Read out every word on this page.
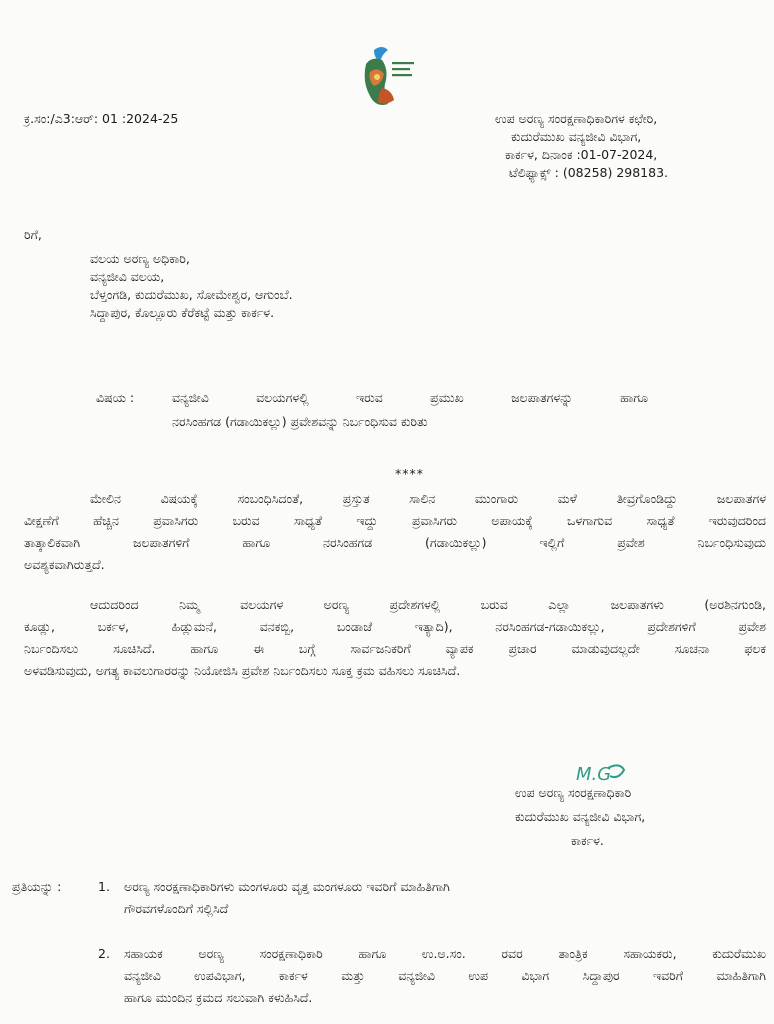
ಕ್ರ.ಸಂ:/ಎ3:ಆರ್: 01 :2024-25	ಉಪ ಅರಣ್ಯ ಸಂರಕ್ಷಣಾಧಿಕಾರಿಗಳ ಕಛೇರಿ,
ಕುದುರೆಮುಖ ವನ್ಯಜೀವಿ ವಿಭಾಗ,
ಕಾರ್ಕಳ, ದಿನಾಂಕ :01-07-2024,
ಟೆಲಿಫ್ಯಾಕ್ಸ್ : (08258) 298183.
ರಿಗೆ,
ವಲಯ ಅರಣ್ಯ ಅಧಿಕಾರಿ,
ವನ್ಯಜೀವಿ ವಲಯ,
ಬೆಳ್ತಂಗಡಿ, ಕುದುರೆಮುಖ, ಸೋಮೇಶ್ವರ, ಆಗುಂಬೆ.
ಸಿದ್ದಾಪುರ, ಕೊಲ್ಲೂರು ಕೆರೆಕಟ್ಟೆ ಮತ್ತು ಕಾರ್ಕಳ.
ವಿಷಯ :	ವನ್ಯಜೀವಿ ವಲಯಗಳಲ್ಲಿ ಇರುವ ಪ್ರಮುಖ ಜಲಪಾತಗಳನ್ನು ಹಾಗೂ
ನರಸಿಂಹಗಡ (ಗಡಾಯಿಕಲ್ಲು) ಪ್ರವೇಶವನ್ನು ನಿರ್ಬಂಧಿಸುವ ಕುರಿತು
****
ಮೇಲಿನ ವಿಷಯಕ್ಕೆ ಸಂಬಂಧಿಸಿದಂತೆ, ಪ್ರಸ್ತುತ ಸಾಲಿನ ಮುಂಗಾರು ಮಳೆ ತೀವ್ರಗೊಂಡಿದ್ದು ಜಲಪಾತಗಳ
ವೀಕ್ಷಣೆಗೆ ಹೆಚ್ಚಿನ ಪ್ರವಾಸಿಗರು ಬರುವ ಸಾಧ್ಯತೆ ಇದ್ದು ಪ್ರವಾಸಿಗರು ಅಪಾಯಕ್ಕೆ ಒಳಗಾಗುವ ಸಾಧ್ಯತೆ ಇರುವುದರಿಂದ
ತಾತ್ಕಾಲಿಕವಾಗಿ ಜಲಪಾತಗಳಿಗೆ ಹಾಗೂ ನರಸಿಂಹಗಡ (ಗಡಾಯಿಕಲ್ಲು) ಇಲ್ಲಿಗೆ ಪ್ರವೇಶ ನಿರ್ಬಂಧಿಸುವುದು
ಅವಶ್ಯಕವಾಗಿರುತ್ತದೆ.
ಆದುದರಿಂದ ನಿಮ್ಮ ವಲಯಗಳ ಅರಣ್ಯ ಪ್ರದೇಶಗಳಲ್ಲಿ ಬರುವ ಎಲ್ಲಾ ಜಲಪಾತಗಳು (ಅರಶಿನಗುಂಡಿ,
ಕೂಡ್ಲು, ಬರ್ಕಳ, ಹಿಡ್ಲುಮನೆ, ವನಕಬ್ಬಿ, ಬಂಡಾಜೆ ಇತ್ಯಾದಿ), ನರಸಿಂಹಗಡ-ಗಡಾಯಿಕಲ್ಲು, ಪ್ರದೇಶಗಳಿಗೆ ಪ್ರವೇಶ
ನಿರ್ಬಂದಿಸಲು ಸೂಚಿಸಿದೆ. ಹಾಗೂ ಈ ಬಗ್ಗೆ ಸಾರ್ವಜನಿಕರಿಗೆ ವ್ಯಾಪಕ ಪ್ರಚಾರ ಮಾಡುವುದಲ್ಲದೇ ಸೂಚನಾ ಫಲಕ
ಅಳವಡಿಸುವುದು, ಅಗತ್ಯ ಕಾವಲುಗಾರರನ್ನು ನಿಯೋಜಿಸಿ ಪ್ರವೇಶ ನಿರ್ಬಂದಿಸಲು ಸೂಕ್ತ ಕ್ರಮ ವಹಿಸಲು ಸೂಚಿಸಿದೆ.
M.G
ಉಪ ಅರಣ್ಯ ಸಂರಕ್ಷಣಾಧಿಕಾರಿ
ಕುದುರೆಮುಖ ವನ್ಯಜೀವಿ ವಿಭಾಗ,
ಕಾರ್ಕಳ.
ಪ್ರತಿಯನ್ನು :	1. ಅರಣ್ಯ ಸಂರಕ್ಷಣಾಧಿಕಾರಿಗಳು ಮಂಗಳೂರು ವೃತ್ತ ಮಂಗಳೂರು ಇವರಿಗೆ ಮಾಹಿತಿಗಾಗಿ
ಗೌರವಗಳೊಂದಿಗೆ ಸಲ್ಲಿಸಿದೆ
2. ಸಹಾಯಕ ಅರಣ್ಯ ಸಂರಕ್ಷಣಾಧಿಕಾರಿ ಹಾಗೂ ಉ.ಅ.ಸಂ. ರವರ ತಾಂತ್ರಿಕ ಸಹಾಯಕರು, ಕುದುರೆಮುಖ
ವನ್ಯಜೀವಿ ಉಪವಿಭಾಗ, ಕಾರ್ಕಳ ಮತ್ತು ವನ್ಯಜೀವಿ ಉಪ ವಿಭಾಗ ಸಿದ್ದಾಪುರ ಇವರಿಗೆ ಮಾಹಿತಿಗಾಗಿ
ಹಾಗೂ ಮುಂದಿನ ಕ್ರಮದ ಸಲುವಾಗಿ ಕಳುಹಿಸಿದೆ.
